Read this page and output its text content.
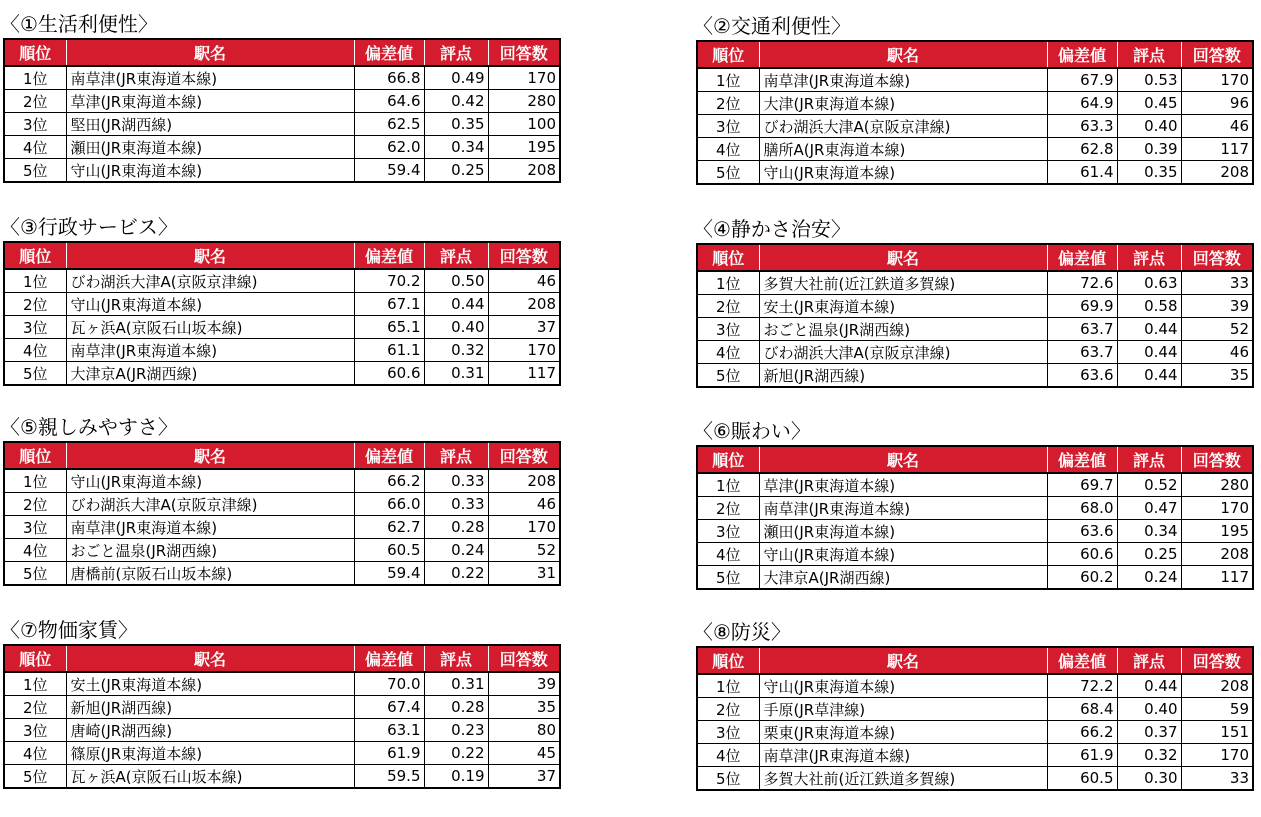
〈①生活利便性〉
順位	駅名	偏差値	評点	回答数
1位	南草津(JR東海道本線)	66.8	0.49	170
2位	草津(JR東海道本線)	64.6	0.42	280
3位	堅田(JR湖西線)	62.5	0.35	100
4位	瀬田(JR東海道本線)	62.0	0.34	195
5位	守山(JR東海道本線)	59.4	0.25	208
〈②交通利便性〉
順位	駅名	偏差値	評点	回答数
1位	南草津(JR東海道本線)	67.9	0.53	170
2位	大津(JR東海道本線)	64.9	0.45	96
3位	びわ湖浜大津A(京阪京津線)	63.3	0.40	46
4位	膳所A(JR東海道本線)	62.8	0.39	117
5位	守山(JR東海道本線)	61.4	0.35	208
〈③行政サービス〉
順位	駅名	偏差値	評点	回答数
1位	びわ湖浜大津A(京阪京津線)	70.2	0.50	46
2位	守山(JR東海道本線)	67.1	0.44	208
3位	瓦ヶ浜A(京阪石山坂本線)	65.1	0.40	37
4位	南草津(JR東海道本線)	61.1	0.32	170
5位	大津京A(JR湖西線)	60.6	0.31	117
〈④静かさ治安〉
順位	駅名	偏差値	評点	回答数
1位	多賀大社前(近江鉄道多賀線)	72.6	0.63	33
2位	安土(JR東海道本線)	69.9	0.58	39
3位	おごと温泉(JR湖西線)	63.7	0.44	52
4位	びわ湖浜大津A(京阪京津線)	63.7	0.44	46
5位	新旭(JR湖西線)	63.6	0.44	35
〈⑤親しみやすさ〉
順位	駅名	偏差値	評点	回答数
1位	守山(JR東海道本線)	66.2	0.33	208
2位	びわ湖浜大津A(京阪京津線)	66.0	0.33	46
3位	南草津(JR東海道本線)	62.7	0.28	170
4位	おごと温泉(JR湖西線)	60.5	0.24	52
5位	唐橋前(京阪石山坂本線)	59.4	0.22	31
〈⑥賑わい〉
順位	駅名	偏差値	評点	回答数
1位	草津(JR東海道本線)	69.7	0.52	280
2位	南草津(JR東海道本線)	68.0	0.47	170
3位	瀬田(JR東海道本線)	63.6	0.34	195
4位	守山(JR東海道本線)	60.6	0.25	208
5位	大津京A(JR湖西線)	60.2	0.24	117
〈⑦物価家賃〉
順位	駅名	偏差値	評点	回答数
1位	安土(JR東海道本線)	70.0	0.31	39
2位	新旭(JR湖西線)	67.4	0.28	35
3位	唐崎(JR湖西線)	63.1	0.23	80
4位	篠原(JR東海道本線)	61.9	0.22	45
5位	瓦ヶ浜A(京阪石山坂本線)	59.5	0.19	37
〈⑧防災〉
順位	駅名	偏差値	評点	回答数
1位	守山(JR東海道本線)	72.2	0.44	208
2位	手原(JR草津線)	68.4	0.40	59
3位	栗東(JR東海道本線)	66.2	0.37	151
4位	南草津(JR東海道本線)	61.9	0.32	170
5位	多賀大社前(近江鉄道多賀線)	60.5	0.30	33
